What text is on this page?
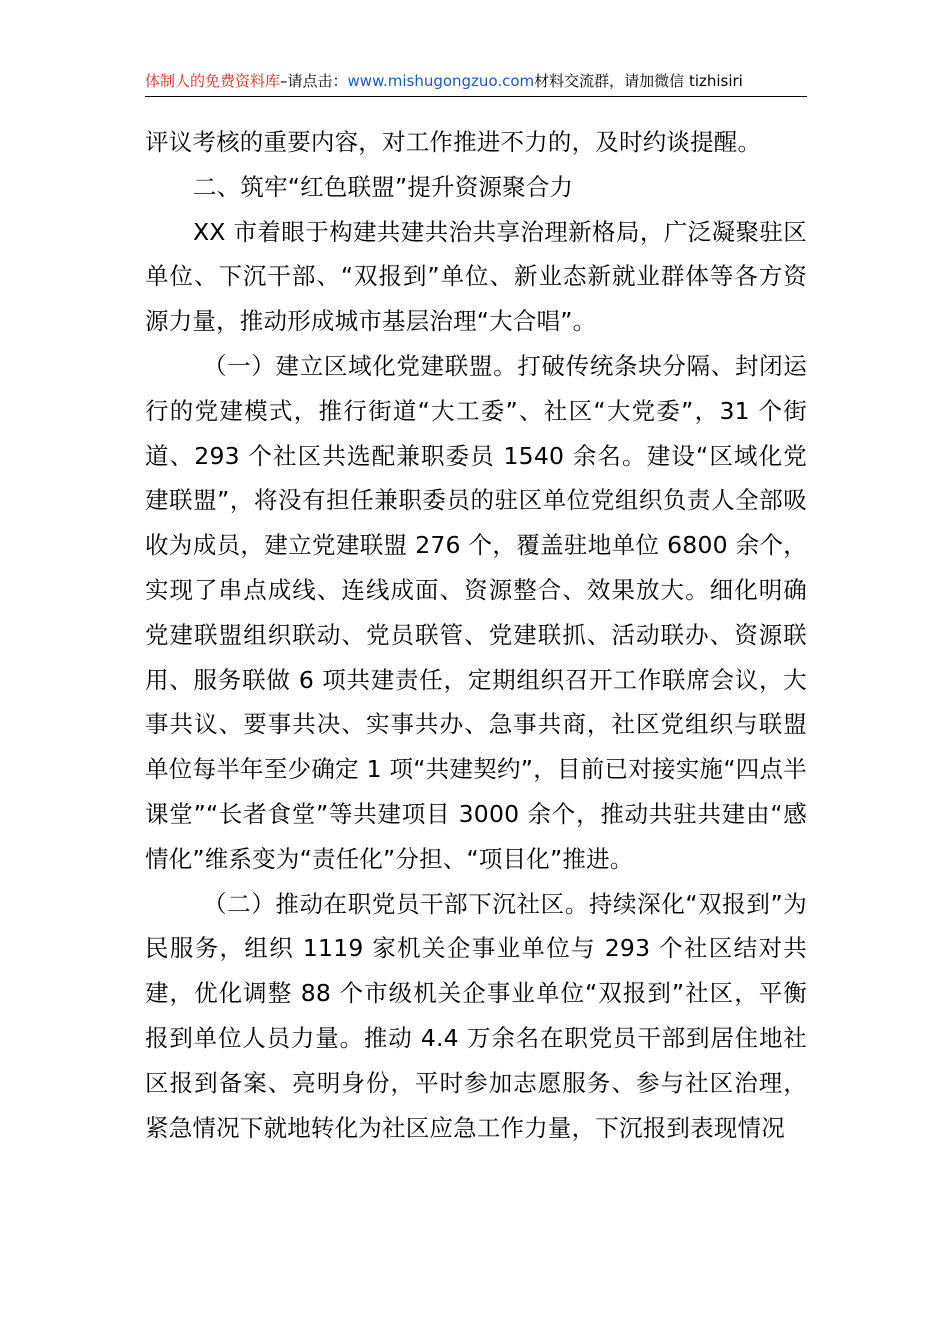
体制人的免费资料库–请点击：www.mishugongzuo.com材料交流群，请加微信 tizhisiri

评议考核的重要内容，对工作推进不力的，及时约谈提醒。

二、筑牢“红色联盟”提升资源聚合力

XX 市着眼于构建共建共治共享治理新格局，广泛凝聚驻区单位、下沉干部、“双报到”单位、新业态新就业群体等各方资源力量，推动形成城市基层治理“大合唱”。

（一）建立区域化党建联盟。打破传统条块分隔、封闭运行的党建模式，推行街道“大工委”、社区“大党委”，31 个街道、293 个社区共选配兼职委员 1540 余名。建设“区域化党建联盟”，将没有担任兼职委员的驻区单位党组织负责人全部吸收为成员，建立党建联盟 276 个，覆盖驻地单位 6800 余个，实现了串点成线、连线成面、资源整合、效果放大。细化明确党建联盟组织联动、党员联管、党建联抓、活动联办、资源联用、服务联做 6 项共建责任，定期组织召开工作联席会议，大事共议、要事共决、实事共办、急事共商，社区党组织与联盟单位每半年至少确定 1 项“共建契约”，目前已对接实施“四点半课堂”“长者食堂”等共建项目 3000 余个，推动共驻共建由“感情化”维系变为“责任化”分担、“项目化”推进。

（二）推动在职党员干部下沉社区。持续深化“双报到”为民服务，组织 1119 家机关企事业单位与 293 个社区结对共建，优化调整 88 个市级机关企事业单位“双报到”社区，平衡报到单位人员力量。推动 4.4 万余名在职党员干部到居住地社区报到备案、亮明身份，平时参加志愿服务、参与社区治理，紧急情况下就地转化为社区应急工作力量，下沉报到表现情况
